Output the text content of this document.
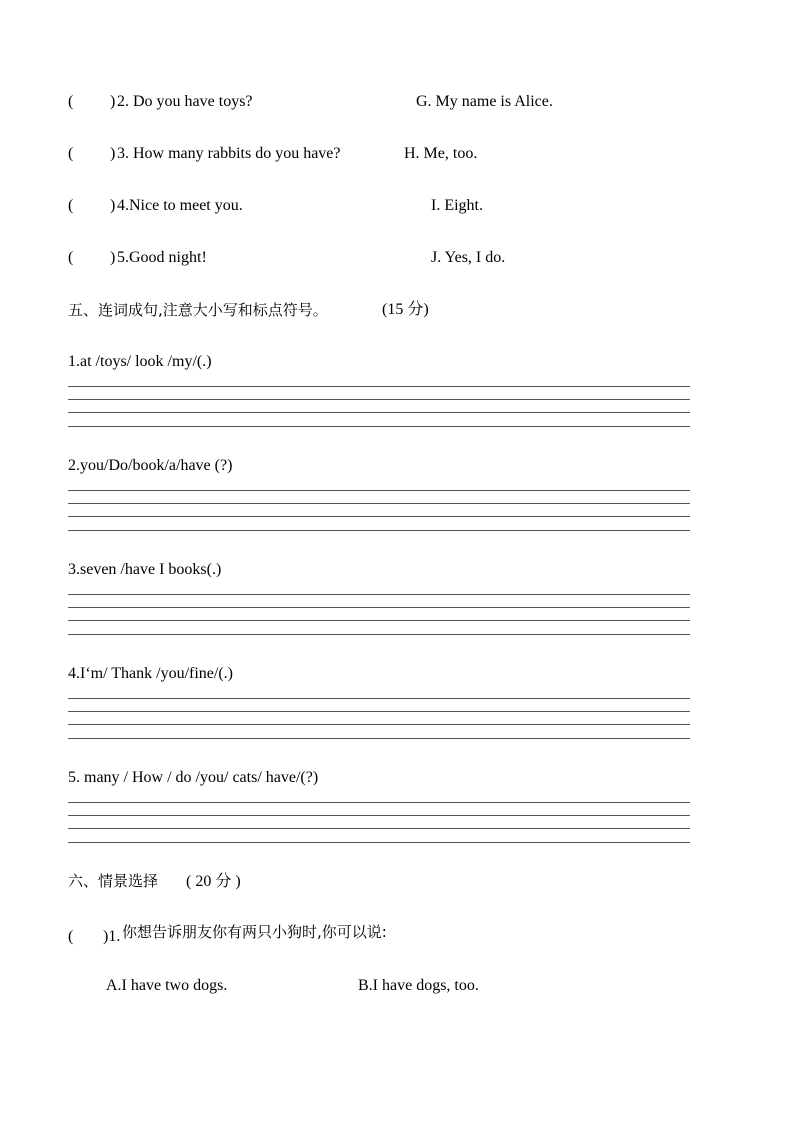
( ) 2. Do you have toys?	G. My name is Alice.
( ) 3. How many rabbits do you have?	H. Me, too.
( ) 4.Nice to meet you.	I. Eight.
( ) 5.Good night!	J. Yes, I do.
五、连词成句,注意大小写和标点符号。	(15 分)
1.at /toys/ look /my/(.)
2.you/Do/book/a/have (?)
3.seven /have I books(.)
4.I‘m/ Thank /you/fine/(.)
5. many / How / do /you/ cats/ have/(?)
六、情景选择 ( 20 分 )
( )1. 你想告诉朋友你有两只小狗时,你可以说:
A.I have two dogs.	B.I have dogs, too.
